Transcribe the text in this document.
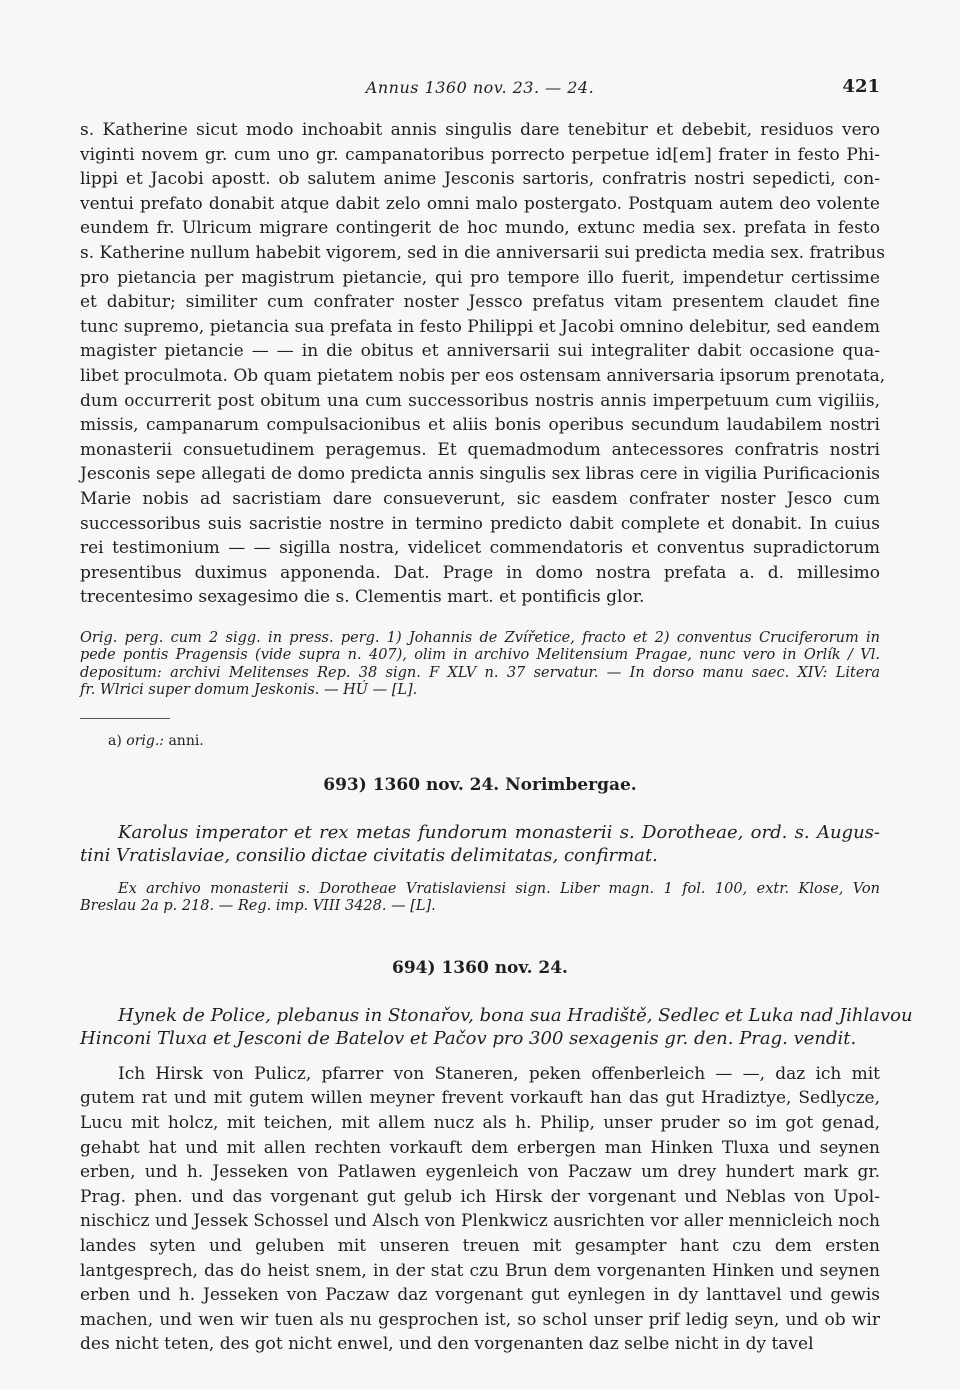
Annus 1360 nov. 23. — 24.	421
s. Katherine sicut modo inchoabit annis singulis dare tenebitur et debebit, residuos vero
viginti novem gr. cum uno gr. campanatoribus porrecto perpetue id[em] frater in festo Phi-
lippi et Jacobi apostt. ob salutem anime Jesconis sartoris, confratris nostri sepedicti, con-
ventui prefato donabit atque dabit zelo omni malo postergato. Postquam autem deo volente
eundem fr. Ulricum migrare contingerit de hoc mundo, extunc media sex. prefata in festo
s. Katherine nullum habebit vigorem, sed in die anniversarii sui predicta media sex. fratribus
pro pietancia per magistrum pietancie, qui pro tempore illo fuerit, impendetur certissime
et dabitur; similiter cum confrater noster Jessco prefatus vitam presentem claudet fine
tunc supremo, pietancia sua prefata in festo Philippi et Jacobi omnino delebitur, sed eandem
magister pietancie — — in die obitus et anniversarii sui integraliter dabit occasione qua-
libet proculmota. Ob quam pietatem nobis per eos ostensam anniversaria ipsorum prenotata,
dum occurrerit post obitum una cum successoribus nostris annis imperpetuum cum vigiliis,
missis, campanarum compulsacionibus et aliis bonis operibus secundum laudabilem nostri
monasterii consuetudinem peragemus. Et quemadmodum antecessores confratris nostri
Jesconis sepe allegati de domo predicta annis singulis sex libras cere in vigilia Purificacionis
Marie nobis ad sacristiam dare consueverunt, sic easdem confrater noster Jesco cum
successoribus suis sacristie nostre in termino predicto dabit complete et donabit. In cuius
rei testimonium — — sigilla nostra, videlicet commendatoris et conventus supradictorum
presentibus duximus apponenda. Dat. Prage in domo nostra prefata a. d. millesimo
trecentesimo sexagesimo die s. Clementis mart. et pontificis glor.
Orig. perg. cum 2 sigg. in press. perg. 1) Johannis de Zvířetice, fracto et 2) conventus Cruciferorum in
pede pontis Pragensis (vide supra n. 407), olim in archivo Melitensium Pragae, nunc vero in Orlík / Vl.
depositum: archivi Melitenses Rep. 38 sign. F XLV n. 37 servatur. — In dorso manu saec. XIV: Litera
fr. Wlrici super domum Jeskonis. — HÚ — [L].
a) orig.: anni.
693) 1360 nov. 24. Norimbergae.
Karolus imperator et rex metas fundorum monasterii s. Dorotheae, ord. s. Augus-
tini Vratislaviae, consilio dictae civitatis delimitatas, confirmat.
Ex archivo monasterii s. Dorotheae Vratislaviensi sign. Liber magn. 1 fol. 100, extr. Klose, Von
Breslau 2a p. 218. — Reg. imp. VIII 3428. — [L].
694) 1360 nov. 24.
Hynek de Police, plebanus in Stonařov, bona sua Hradiště, Sedlec et Luka nad Jihlavou
Hinconi Tluxa et Jesconi de Batelov et Pačov pro 300 sexagenis gr. den. Prag. vendit.
Ich Hirsk von Pulicz, pfarrer von Staneren, peken offenberleich — —, daz ich mit
gutem rat und mit gutem willen meyner frevent vorkauft han das gut Hradiztye, Sedlycze,
Lucu mit holcz, mit teichen, mit allem nucz als h. Philip, unser pruder so im got genad,
gehabt hat und mit allen rechten vorkauft dem erbergen man Hinken Tluxa und seynen
erben, und h. Jesseken von Patlawen eygenleich von Paczaw um drey hundert mark gr.
Prag. phen. und das vorgenant gut gelub ich Hirsk der vorgenant und Neblas von Upol-
nischicz und Jessek Schossel und Alsch von Plenkwicz ausrichten vor aller mennicleich noch
landes syten und geluben mit unseren treuen mit gesampter hant czu dem ersten
lantgesprech, das do heist snem, in der stat czu Brun dem vorgenanten Hinken und seynen
erben und h. Jesseken von Paczaw daz vorgenant gut eynlegen in dy lanttavel und gewis
machen, und wen wir tuen als nu gesprochen ist, so schol unser prif ledig seyn, und ob wir
des nicht teten, des got nicht enwel, und den vorgenanten daz selbe nicht in dy tavel
